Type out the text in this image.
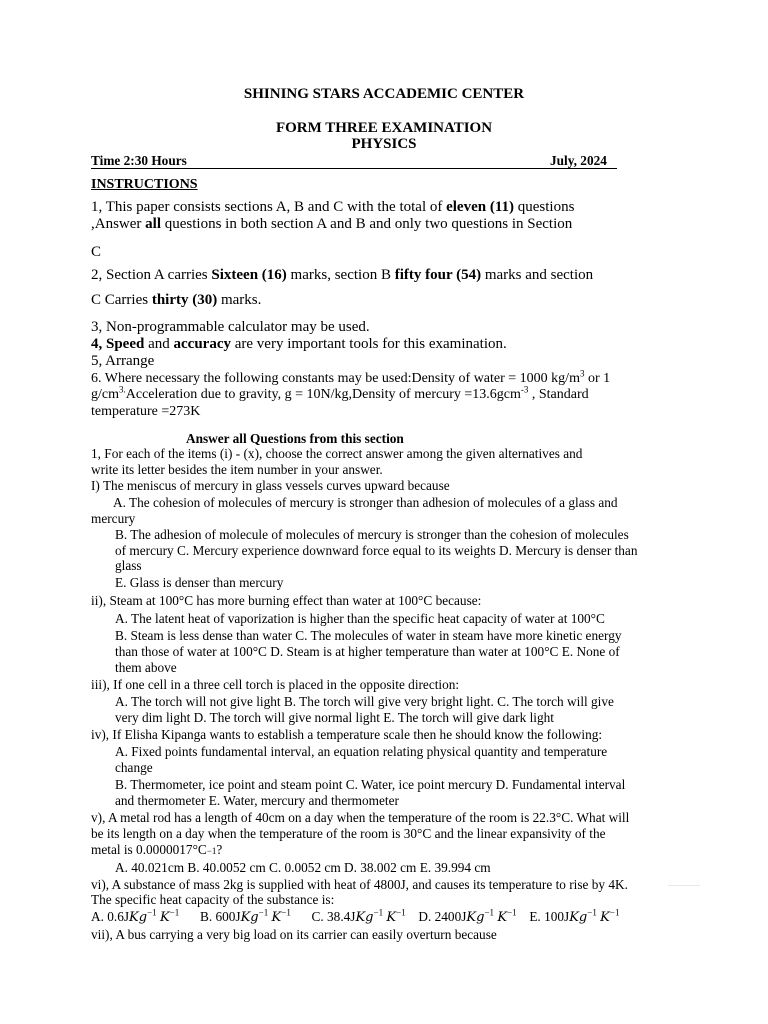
SHINING STARS ACCADEMIC CENTER
FORM THREE EXAMINATION
PHYSICS
Time 2:30 Hours	July, 2024
INSTRUCTIONS
1, This paper consists sections A, B and C with the total of eleven (11) questions
,Answer all questions in both section A and B and only two questions in Section
C
2, Section A carries Sixteen (16) marks, section B fifty four (54) marks and section
C Carries thirty (30) marks.
3, Non-programmable calculator may be used.
4, Speed and accuracy are very important tools for this examination.
5, Arrange
6. Where necessary the following constants may be used:Density of water = 1000 $kg/m^3$ or 1
$g/cm^{3.}Acceleration$ due to gravity, g = 10N/kg,Density of mercury =13.6gcm$^{-3}$ , Standard
temperature =273K
Answer all Questions from this section
1, For each of the items (i) - (x), choose the correct answer among the given alternatives and
write its letter besides the item number in your answer.
I) The meniscus of mercury in glass vessels curves upward because
A. The cohesion of molecules of mercury is stronger than adhesion of molecules of a glass and
mercury
B. The adhesion of molecule of molecules of mercury is stronger than the cohesion of molecules
of mercury C. Mercury experience downward force equal to its weights D. Mercury is denser than
glass
E. Glass is denser than mercury
ii), Steam at 100°C has more burning effect than water at 100°C because:
A. The latent heat of vaporization is higher than the specific heat capacity of water at 100°C
B. Steam is less dense than water C. The molecules of water in steam have more kinetic energy
than those of water at 100°C D. Steam is at higher temperature than water at 100°C E. None of
them above
iii), If one cell in a three cell torch is placed in the opposite direction:
A. The torch will not give light B. The torch will give very bright light. C. The torch will give
very dim light D. The torch will give normal light E. The torch will give dark light
iv), If Elisha Kipanga wants to establish a temperature scale then he should know the following:
A. Fixed points fundamental interval, an equation relating physical quantity and temperature
change
B. Thermometer, ice point and steam point C. Water, ice point mercury D. Fundamental interval
and thermometer E. Water, mercury and thermometer
v), A metal rod has a length of 40cm on a day when the temperature of the room is 22.3°C. What will
be its length on a day when the temperature of the room is 30°C and the linear expansivity of the
metal is 0.0000017°C−1?
A. 40.021cm B. 40.0052 cm C. 0.0052 cm D. 38.002 cm E. 39.994 cm
vi), A substance of mass 2kg is supplied with heat of 4800J, and causes its temperature to rise by 4K.
The specific heat capacity of the substance is:
A. 0.6JKg$^{-1}$ $K^{-1}$ B. 600JKg$^{-1}$ $K^{-1}$ C. 38.4JKg$^{-1}$ $K^{-1}$ D. 2400JKg$^{-1}$ $K^{-1}$ E. 100JKg$^{-1}$ $K^{-1}$
vii), A bus carrying a very big load on its carrier can easily overturn because
